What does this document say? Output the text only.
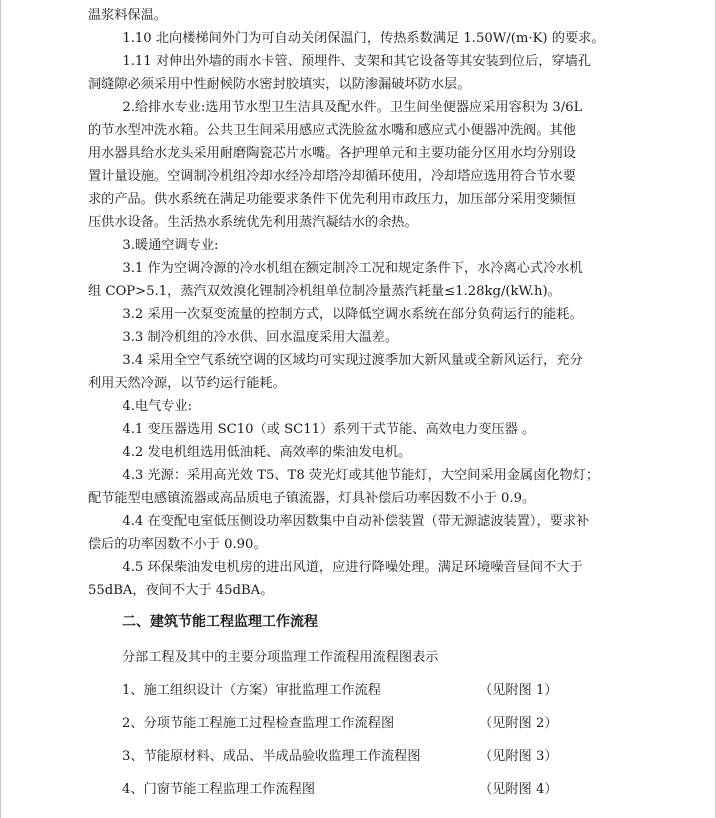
温浆料保温。
1.10 北向楼梯间外门为可自动关闭保温门，传热系数满足 1.50W/(m·K) 的要求。
1.11 对伸出外墙的雨水卡管、预埋件、支架和其它设备等其安装到位后，穿墙孔
洞缝隙必须采用中性耐候防水密封胶填实，以防渗漏破坏防水层。
2.给排水专业:选用节水型卫生洁具及配水件。卫生间坐便器应采用容积为 3/6L
的节水型冲洗水箱。公共卫生间采用感应式洗脸盆水嘴和感应式小便器冲洗阀。其他
用水器具给水龙头采用耐磨陶瓷芯片水嘴。各护理单元和主要功能分区用水均分别设
置计量设施。空调制冷机组冷却水经冷却塔冷却循环使用，冷却塔应选用符合节水要
求的产品。供水系统在满足功能要求条件下优先利用市政压力，加压部分采用变频恒
压供水设备。生活热水系统优先利用蒸汽凝结水的余热。
3.暖通空调专业:
3.1 作为空调冷源的冷水机组在额定制冷工况和规定条件下，水冷离心式冷水机
组 COP>5.1，蒸汽双效溴化锂制冷机组单位制冷量蒸汽耗量≤1.28kg/(kW.h)。
3.2 采用一次泵变流量的控制方式，以降低空调水系统在部分负荷运行的能耗。
3.3 制冷机组的冷水供、回水温度采用大温差。
3.4 采用全空气系统空调的区域均可实现过渡季加大新风量或全新风运行，充分
利用天然冷源，以节约运行能耗。
4.电气专业:
4.1 变压器选用 SC10（或 SC11）系列干式节能、高效电力变压器 。
4.2 发电机组选用低油耗、高效率的柴油发电机。
4.3 光源：采用高光效 T5、T8 荧光灯或其他节能灯，大空间采用金属卤化物灯；
配节能型电感镇流器或高品质电子镇流器，灯具补偿后功率因数不小于 0.9。
4.4 在变配电室低压侧设功率因数集中自动补偿装置（带无源滤波装置），要求补
偿后的功率因数不小于 0.90。
4.5 环保柴油发电机房的进出风道，应进行降噪处理。满足环境噪音昼间不大于
55dBA，夜间不大于 45dBA。
二、建筑节能工程监理工作流程
分部工程及其中的主要分项监理工作流程用流程图表示
1、施工组织设计（方案）审批监理工作流程	（见附图 1）
2、分项节能工程施工过程检查监理工作流程图	（见附图 2）
3、节能原材料、成品、半成品验收监理工作流程图	（见附图 3）
4、门窗节能工程监理工作流程图	（见附图 4）
